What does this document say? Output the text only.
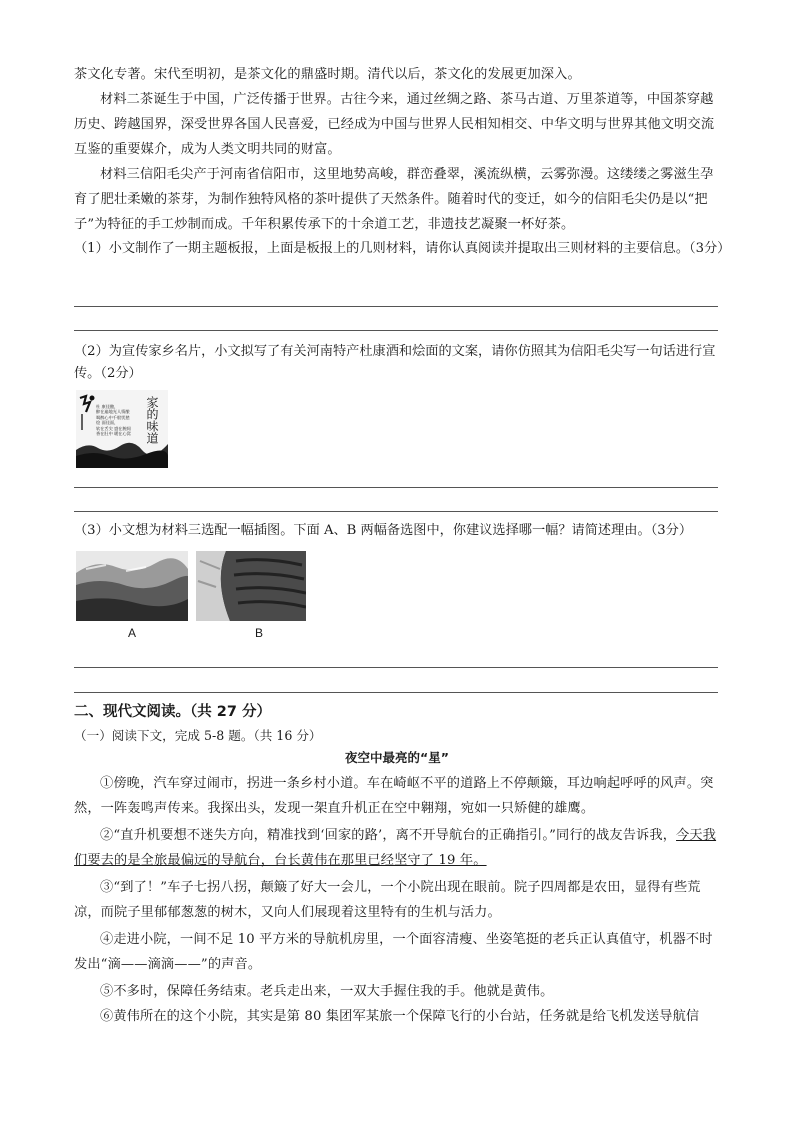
茶文化专著。宋代至明初，是茶文化的鼎盛时期。清代以后，茶文化的发展更加深入。
材料二茶诞生于中国，广泛传播于世界。古往今来，通过丝绸之路、茶马古道、万里茶道等，中国茶穿越历史、跨越国界，深受世界各国人民喜爱，已经成为中国与世界人民相知相交、中华文明与世界其他文明交流互鉴的重要媒介，成为人类文明共同的财富。
材料三信阳毛尖产于河南省信阳市，这里地势高峻，群峦叠翠，溪流纵横，云雾弥漫。这缕缕之雾滋生孕育了肥壮柔嫩的茶芽，为制作独特风格的茶叶提供了天然条件。随着时代的变迁，如今的信阳毛尖仍是以“把子”为特征的手工炒制而成。千年积累传承下的十余道工艺，非遗技艺凝聚一杯好茶。
（1）小文制作了一期主题板报，上面是板报上的几则材料，请你认真阅读并提取出三则材料的主要信息。（3分）
（2）为宣传家乡名片，小文拟写了有关河南特产杜康酒和烩面的文案，请你仿照其为信阳毛尖写一句话进行宣传。（2分）
杜 康佳酿，
醉在遍地光人情酿
喝醉心中千般忧愁
烩 面佳面，
软在舌尖 盛在腕间
香在肚中 暖在心窝	家的味道
（3）小文想为材料三选配一幅插图。下面 A、B 两幅备选图中，你建议选择哪一幅？请简述理由。（3分）
A	B
二、现代文阅读。（共 27 分）
（一）阅读下文，完成 5-8 题。（共 16 分）
夜空中最亮的“星”
①傍晚，汽车穿过闹市，拐进一条乡村小道。车在崎岖不平的道路上不停颠簸，耳边响起呼呼的风声。突然，一阵轰鸣声传来。我探出头，发现一架直升机正在空中翱翔，宛如一只矫健的雄鹰。
②“直升机要想不迷失方向，精准找到‘回家的路’，离不开导航台的正确指引。”同行的战友告诉我，今天我们要去的是全旅最偏远的导航台，台长黄伟在那里已经坚守了 19 年。
③“到了！”车子七拐八拐，颠簸了好大一会儿，一个小院出现在眼前。院子四周都是农田，显得有些荒凉，而院子里郁郁葱葱的树木，又向人们展现着这里特有的生机与活力。
④走进小院，一间不足 10 平方米的导航机房里，一个面容清瘦、坐姿笔挺的老兵正认真值守，机器不时发出“滴——滴滴——”的声音。
⑤不多时，保障任务结束。老兵走出来，一双大手握住我的手。他就是黄伟。
⑥黄伟所在的这个小院，其实是第 80 集团军某旅一个保障飞行的小台站，任务就是给飞机发送导航信
